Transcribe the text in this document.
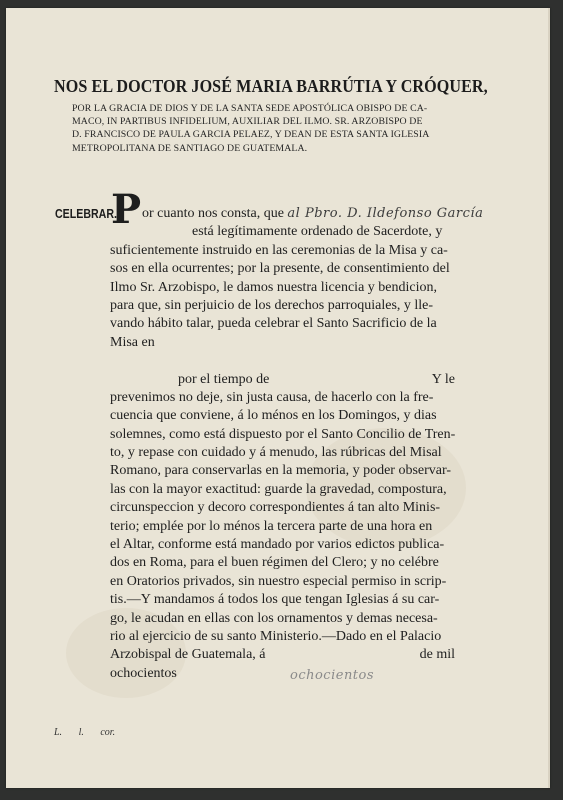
NOS EL DOCTOR JOSÉ MARIA BARRÚTIA Y CRÓQUER,
POR LA GRACIA DE DIOS Y DE LA SANTA SEDE APOSTÓLICA OBISPO DE CA-
MACO, IN PARTIBUS INFIDELIUM, AUXILIAR DEL ILMO. SR. ARZOBISPO DE
D. FRANCISCO DE PAULA GARCIA PELAEZ, Y DEAN DE ESTA SANTA IGLESIA
METROPOLITANA DE SANTIAGO DE GUATEMALA.
CELEBRAR.
P or cuanto nos consta, que al Pbro. D. Ildefonso García
está legítimamente ordenado de Sacerdote, y
suficientemente instruido en las ceremonias de la Misa y ca-
sos en ella ocurrentes; por la presente, de consentimiento del
Ilmo Sr. Arzobispo, le damos nuestra licencia y bendicion,
para que, sin perjuicio de los derechos parroquiales, y lle-
vando hábito talar, pueda celebrar el Santo Sacrificio de la
Misa en
por el tiempo de	Y le
prevenimos no deje, sin justa causa, de hacerlo con la fre-
cuencia que conviene, á lo ménos en los Domingos, y dias
solemnes, como está dispuesto por el Santo Concilio de Tren-
to, y repase con cuidado y á menudo, las rúbricas del Misal
Romano, para conservarlas en la memoria, y poder observar-
las con la mayor exactitud: guarde la gravedad, compostura,
circunspeccion y decoro correspondientes á tan alto Minis-
terio; emplée por lo ménos la tercera parte de una hora en
el Altar, conforme está mandado por varios edictos publica-
dos en Roma, para el buen régimen del Clero; y no celébre
en Oratorios privados, sin nuestro especial permiso in scrip-
tis.—Y mandamos á todos los que tengan Iglesias á su car-
go, le acudan en ellas con los ornamentos y demas necesa-
rio al ejercicio de su santo Ministerio.—Dado en el Palacio
Arzobispal de Guatemala, á	de mil
ochocientos	ochocientos
L. l. cor.
